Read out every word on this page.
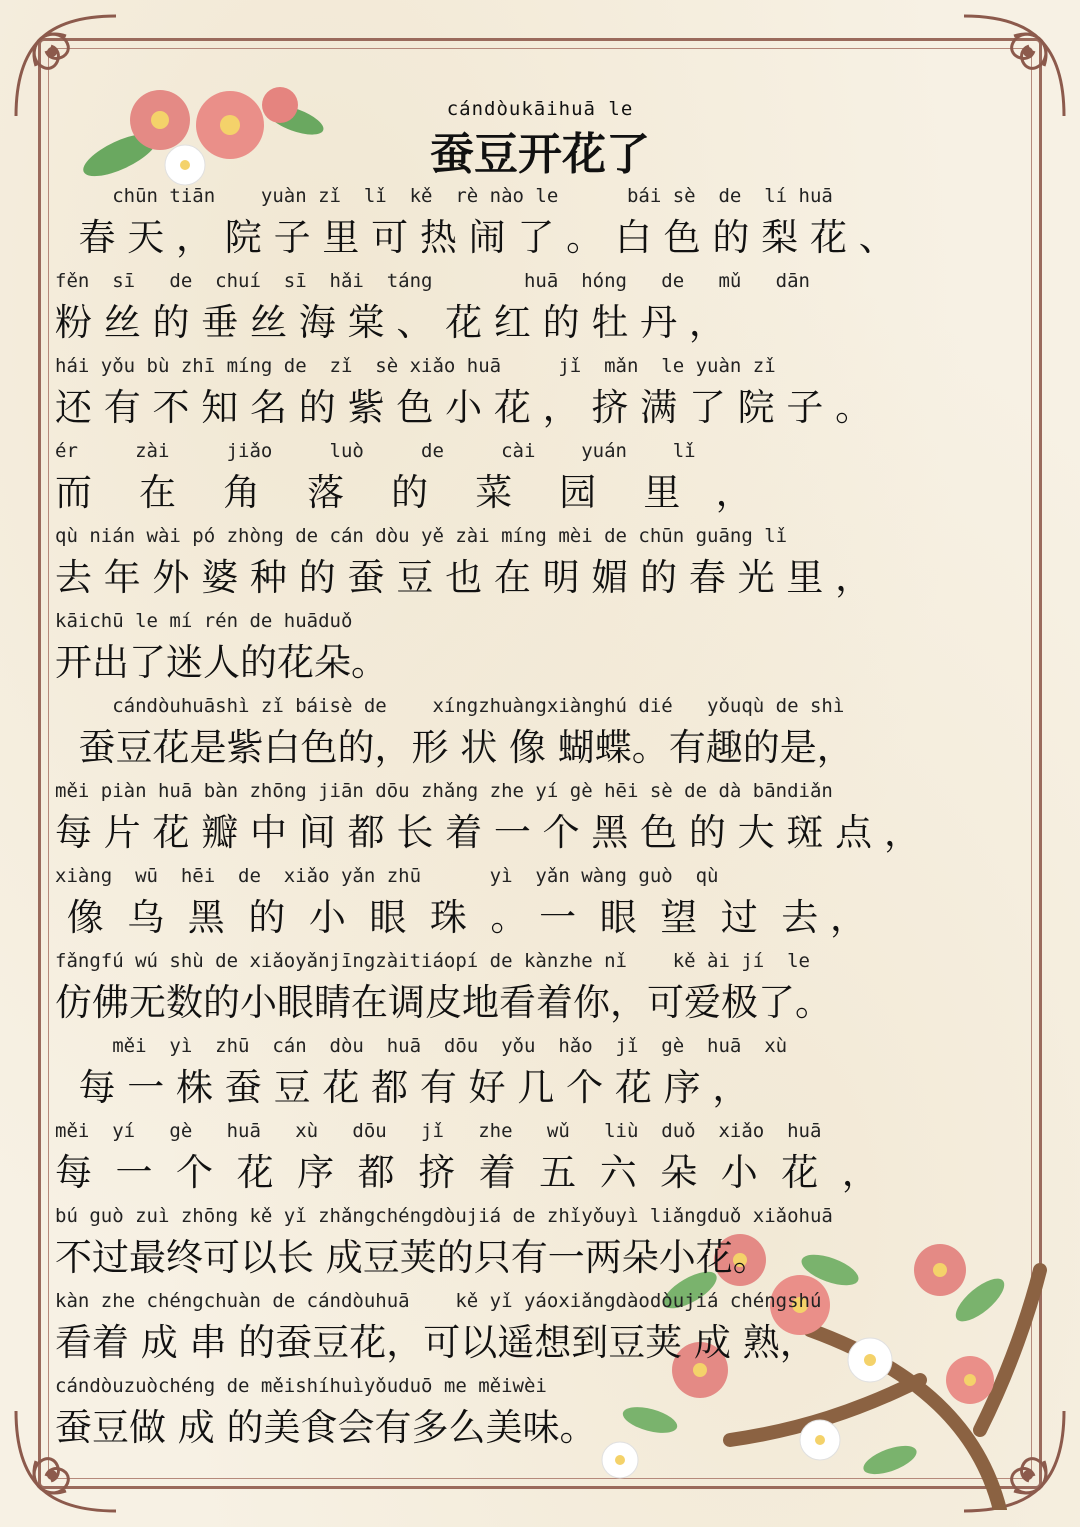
cándòukāihuā le
蚕豆开花了
chūn tiān    yuàn zǐ  lǐ  kě  rè nào le      bái sè  de  lí huā
春 天 ， 院 子 里 可 热 闹 了 。 白 色 的 梨 花 、
fěn  sī   de  chuí  sī  hǎi  táng        huā  hóng   de   mǔ   dān
粉 丝 的 垂 丝 海 棠 、 花 红 的 牡 丹 ，
hái yǒu bù zhī míng de  zǐ  sè xiǎo huā     jǐ  mǎn  le yuàn zǐ
还 有 不 知 名 的 紫 色 小 花 ， 挤 满 了 院 子 。
ér     zài     jiǎo     luò     de     cài    yuán    lǐ
而    在    角    落    的    菜    园    里   ，
qù nián wài pó zhòng de cán dòu yě zài míng mèi de chūn guāng lǐ
去 年 外 婆 种 的 蚕 豆 也 在 明 媚 的 春 光 里 ，
kāichū le mí rén de huāduǒ
开出了迷人的花朵。
cándòuhuāshì zǐ báisè de    xíngzhuàngxiànghú dié   yǒuqù de shì
蚕豆花是紫白色的，形 状 像 蝴蝶。有趣的是，
měi piàn huā bàn zhōng jiān dōu zhǎng zhe yí gè hēi sè de dà bāndiǎn
每 片 花 瓣 中 间 都 长 着 一 个 黑 色 的 大 斑 点 ，
xiàng  wū  hēi  de  xiǎo yǎn zhū      yì  yǎn wàng guò  qù
像  乌  黑  的  小  眼  珠  。 一  眼  望  过  去 ，
fǎngfú wú shù de xiǎoyǎnjīngzàitiáopí de kànzhe nǐ    kě ài jí  le
仿佛无数的小眼睛在调皮地看着你，可爱极了。
měi  yì  zhū  cán  dòu  huā  dōu  yǒu  hǎo  jǐ  gè  huā  xù
每 一 株 蚕 豆 花 都 有 好 几 个 花 序 ，
měi  yí   gè   huā   xù   dōu   jǐ   zhe   wǔ   liù  duǒ  xiǎo  huā
每  一  个  花  序  都  挤  着  五  六  朵  小  花  ，
bú guò zuì zhōng kě yǐ zhǎngchéngdòujiá de zhǐyǒuyì liǎngduǒ xiǎohuā
不过最终可以长 成豆荚的只有一两朵小花。
kàn zhe chéngchuàn de cándòuhuā    kě yǐ yáoxiǎngdàodòujiá chéngshú
看着 成 串 的蚕豆花，可以遥想到豆荚 成 熟，
cándòuzuòchéng de měishíhuìyǒuduō me měiwèi
蚕豆做 成 的美食会有多么美味。
